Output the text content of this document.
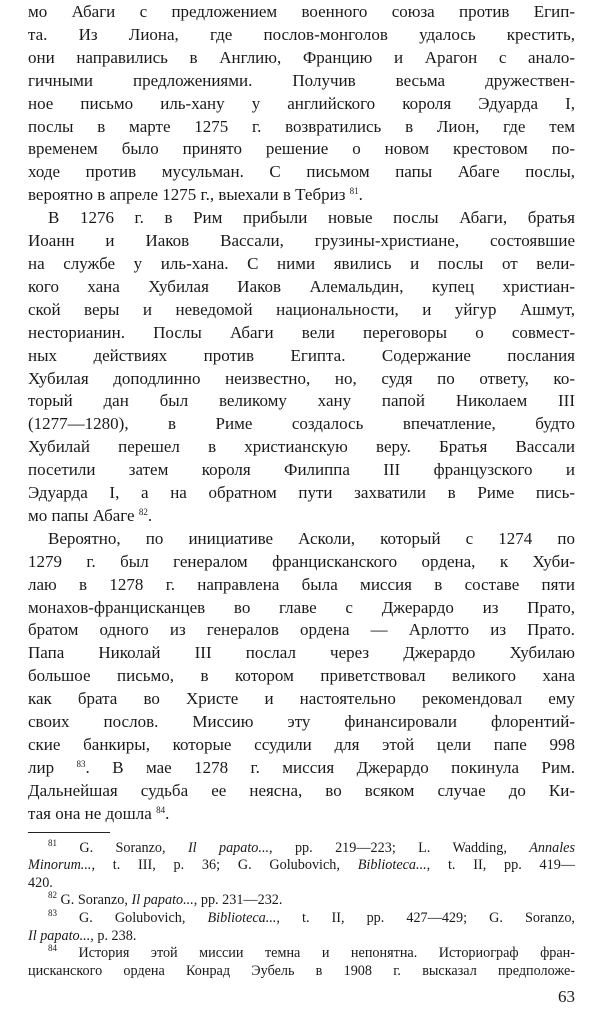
мо Абаги с предложением военного союза против Егип-
та. Из Лиона, где послов-монголов удалось крестить,
они направились в Англию, Францию и Арагон с анало-
гичными предложениями. Получив весьма дружествен-
ное письмо иль-хану у английского короля Эдуарда I,
послы в марте 1275 г. возвратились в Лион, где тем
временем было принято решение о новом крестовом по-
ходе против мусульман. С письмом папы Абаге послы,
вероятно в апреле 1275 г., выехали в Тебриз $^{81}$.
В 1276 г. в Рим прибыли новые послы Абаги, братья
Иоанн и Иаков Вассали, грузины-христиане, состоявшие
на службе у иль-хана. С ними явились и послы от вели-
кого хана Хубилая Иаков Алемальдин, купец христиан-
ской веры и неведомой национальности, и уйгур Ашмут,
несторианин. Послы Абаги вели переговоры о совмест-
ных действиях против Египта. Содержание послания
Хубилая доподлинно неизвестно, но, судя по ответу, ко-
торый дан был великому хану папой Николаем III
(1277—1280), в Риме создалось впечатление, будто
Хубилай перешел в христианскую веру. Братья Вассали
посетили затем короля Филиппа III французского и
Эдуарда I, а на обратном пути захватили в Риме пись-
мо папы Абаге $^{82}$.
Вероятно, по инициативе Асколи, который с 1274 по
1279 г. был генералом францисканского ордена, к Хуби-
лаю в 1278 г. направлена была миссия в составе пяти
монахов-францисканцев во главе с Джерардо из Прато,
братом одного из генералов ордена — Арлотто из Прато.
Папа Николай III послал через Джерардо Хубилаю
большое письмо, в котором приветствовал великого хана
как брата во Христе и настоятельно рекомендовал ему
своих послов. Миссию эту финансировали флорентий-
ские банкиры, которые ссудили для этой цели папе 998
лир $^{83}$. В мае 1278 г. миссия Джерардо покинула Рим.
Дальнейшая судьба ее неясна, во всяком случае до Ки-
тая она не дошла $^{84}$.
$^{81}$ G. Soranzo, Il papato..., pp. 219—223; L. Wadding, Annales
Minorum..., t. III, p. 36; G. Golubovich, Biblioteca..., t. II, pp. 419—
420.
$^{82}$ G. Soranzo, Il papato..., pp. 231—232.
$^{83}$ G. Golubovich, Biblioteca..., t. II, pp. 427—429; G. Soranzo,
Il papato..., p. 238.
$^{84}$ История этой миссии темна и непонятна. Историограф фран-
цисканского ордена Конрад Эубель в 1908 г. высказал предположе-
63
